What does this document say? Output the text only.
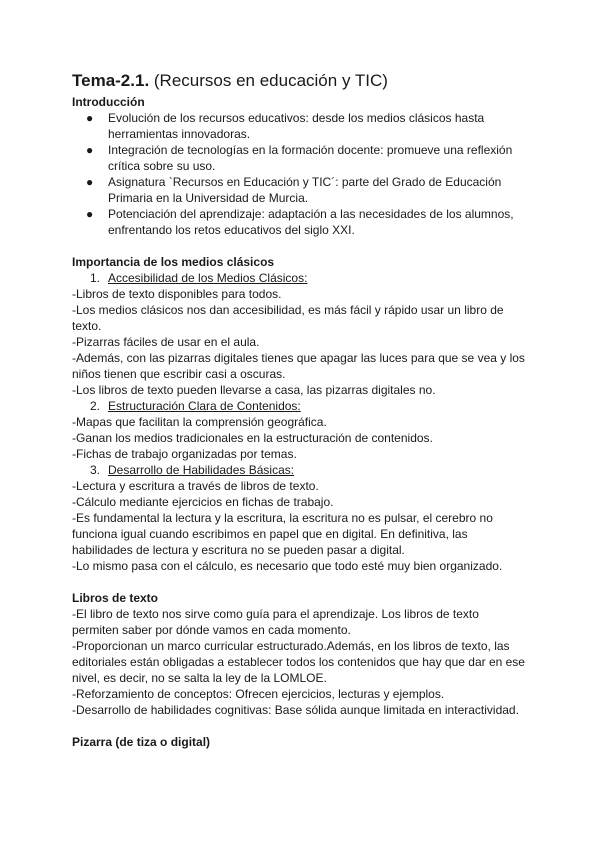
Tema-2.1. (Recursos en educación y TIC)

Introducción

● Evolución de los recursos educativos: desde los medios clásicos hasta herramientas innovadoras.
● Integración de tecnologías en la formación docente: promueve una reflexión crítica sobre su uso.
● Asignatura `Recursos en Educación y TIC´: parte del Grado de Educación Primaria en la Universidad de Murcia.
● Potenciación del aprendizaje: adaptación a las necesidades de los alumnos, enfrentando los retos educativos del siglo XXI.

Importancia de los medios clásicos

1. Accesibilidad de los Medios Clásicos:

-Libros de texto disponibles para todos.

-Los medios clásicos nos dan accesibilidad, es más fácil y rápido usar un libro de texto.

-Pizarras fáciles de usar en el aula.

-Además, con las pizarras digitales tienes que apagar las luces para que se vea y los niños tienen que escribir casi a oscuras.

-Los libros de texto pueden llevarse a casa, las pizarras digitales no.

2. Estructuración Clara de Contenidos:

-Mapas que facilitan la comprensión geográfica.

-Ganan los medios tradicionales en la estructuración de contenidos.

-Fichas de trabajo organizadas por temas.

3. Desarrollo de Habilidades Básicas:

-Lectura y escritura a través de libros de texto.

-Cálculo mediante ejercicios en fichas de trabajo.

-Es fundamental la lectura y la escritura, la escritura no es pulsar, el cerebro no funciona igual cuando escribimos en papel que en digital. En definitiva, las habilidades de lectura y escritura no se pueden pasar a digital.

-Lo mismo pasa con el cálculo, es necesario que todo esté muy bien organizado.

Libros de texto

-El libro de texto nos sirve como guía para el aprendizaje. Los libros de texto permiten saber por dónde vamos en cada momento.

-Proporcionan un marco curricular estructurado.Además, en los libros de texto, las editoriales están obligadas a establecer todos los contenidos que hay que dar en ese nivel, es decir, no se salta la ley de la LOMLOE.

-Reforzamiento de conceptos: Ofrecen ejercicios, lecturas y ejemplos.

-Desarrollo de habilidades cognitivas: Base sólida aunque limitada en interactividad.

Pizarra (de tiza o digital)
